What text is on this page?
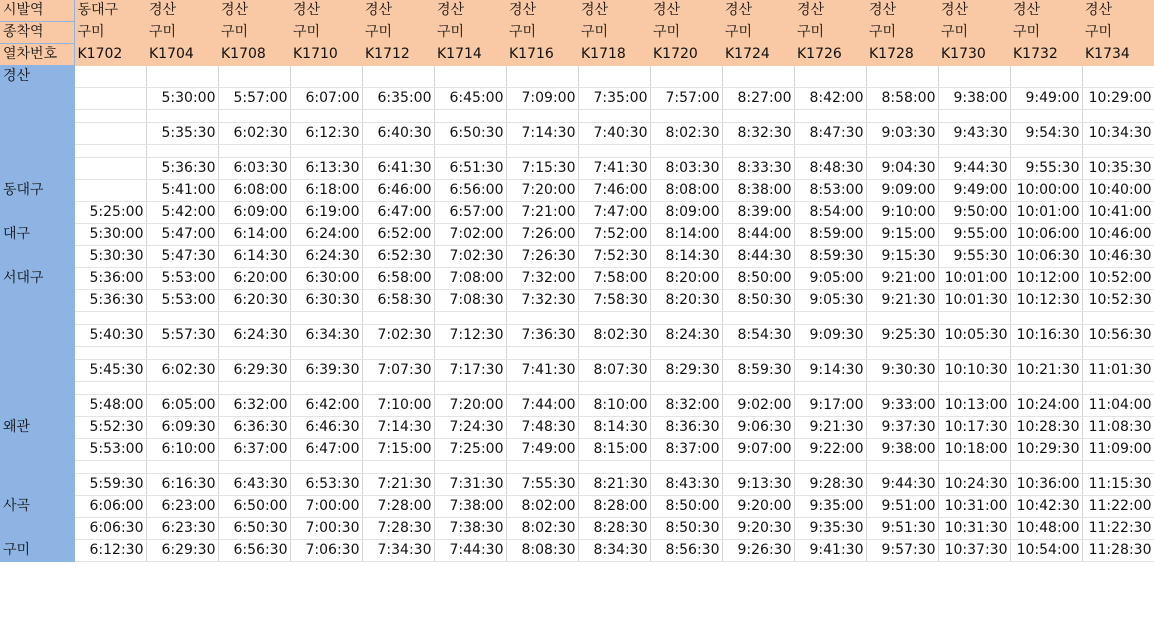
시발역	동대구	경산	경산	경산	경산	경산	경산	경산	경산	경산	경산	경산	경산	경산	경산
종착역	구미	구미	구미	구미	구미	구미	구미	구미	구미	구미	구미	구미	구미	구미	구미
열차번호	K1702	K1704	K1708	K1710	K1712	K1714	K1716	K1718	K1720	K1724	K1726	K1728	K1730	K1732	K1734
경산															
		5:30:00	5:57:00	6:07:00	6:35:00	6:45:00	7:09:00	7:35:00	7:57:00	8:27:00	8:42:00	8:58:00	9:38:00	9:49:00	10:29:00

		5:35:30	6:02:30	6:12:30	6:40:30	6:50:30	7:14:30	7:40:30	8:02:30	8:32:30	8:47:30	9:03:30	9:43:30	9:54:30	10:34:30

		5:36:30	6:03:30	6:13:30	6:41:30	6:51:30	7:15:30	7:41:30	8:03:30	8:33:30	8:48:30	9:04:30	9:44:30	9:55:30	10:35:30
동대구		5:41:00	6:08:00	6:18:00	6:46:00	6:56:00	7:20:00	7:46:00	8:08:00	8:38:00	8:53:00	9:09:00	9:49:00	10:00:00	10:40:00
	5:25:00	5:42:00	6:09:00	6:19:00	6:47:00	6:57:00	7:21:00	7:47:00	8:09:00	8:39:00	8:54:00	9:10:00	9:50:00	10:01:00	10:41:00
대구	5:30:00	5:47:00	6:14:00	6:24:00	6:52:00	7:02:00	7:26:00	7:52:00	8:14:00	8:44:00	8:59:00	9:15:00	9:55:00	10:06:00	10:46:00
	5:30:30	5:47:30	6:14:30	6:24:30	6:52:30	7:02:30	7:26:30	7:52:30	8:14:30	8:44:30	8:59:30	9:15:30	9:55:30	10:06:30	10:46:30
서대구	5:36:00	5:53:00	6:20:00	6:30:00	6:58:00	7:08:00	7:32:00	7:58:00	8:20:00	8:50:00	9:05:00	9:21:00	10:01:00	10:12:00	10:52:00
	5:36:30	5:53:00	6:20:30	6:30:30	6:58:30	7:08:30	7:32:30	7:58:30	8:20:30	8:50:30	9:05:30	9:21:30	10:01:30	10:12:30	10:52:30

	5:40:30	5:57:30	6:24:30	6:34:30	7:02:30	7:12:30	7:36:30	8:02:30	8:24:30	8:54:30	9:09:30	9:25:30	10:05:30	10:16:30	10:56:30

	5:45:30	6:02:30	6:29:30	6:39:30	7:07:30	7:17:30	7:41:30	8:07:30	8:29:30	8:59:30	9:14:30	9:30:30	10:10:30	10:21:30	11:01:30

	5:48:00	6:05:00	6:32:00	6:42:00	7:10:00	7:20:00	7:44:00	8:10:00	8:32:00	9:02:00	9:17:00	9:33:00	10:13:00	10:24:00	11:04:00
왜관	5:52:30	6:09:30	6:36:30	6:46:30	7:14:30	7:24:30	7:48:30	8:14:30	8:36:30	9:06:30	9:21:30	9:37:30	10:17:30	10:28:30	11:08:30
	5:53:00	6:10:00	6:37:00	6:47:00	7:15:00	7:25:00	7:49:00	8:15:00	8:37:00	9:07:00	9:22:00	9:38:00	10:18:00	10:29:30	11:09:00

	5:59:30	6:16:30	6:43:30	6:53:30	7:21:30	7:31:30	7:55:30	8:21:30	8:43:30	9:13:30	9:28:30	9:44:30	10:24:30	10:36:00	11:15:30
사곡	6:06:00	6:23:00	6:50:00	7:00:00	7:28:00	7:38:00	8:02:00	8:28:00	8:50:00	9:20:00	9:35:00	9:51:00	10:31:00	10:42:30	11:22:00
	6:06:30	6:23:30	6:50:30	7:00:30	7:28:30	7:38:30	8:02:30	8:28:30	8:50:30	9:20:30	9:35:30	9:51:30	10:31:30	10:48:00	11:22:30
구미	6:12:30	6:29:30	6:56:30	7:06:30	7:34:30	7:44:30	8:08:30	8:34:30	8:56:30	9:26:30	9:41:30	9:57:30	10:37:30	10:54:00	11:28:30
